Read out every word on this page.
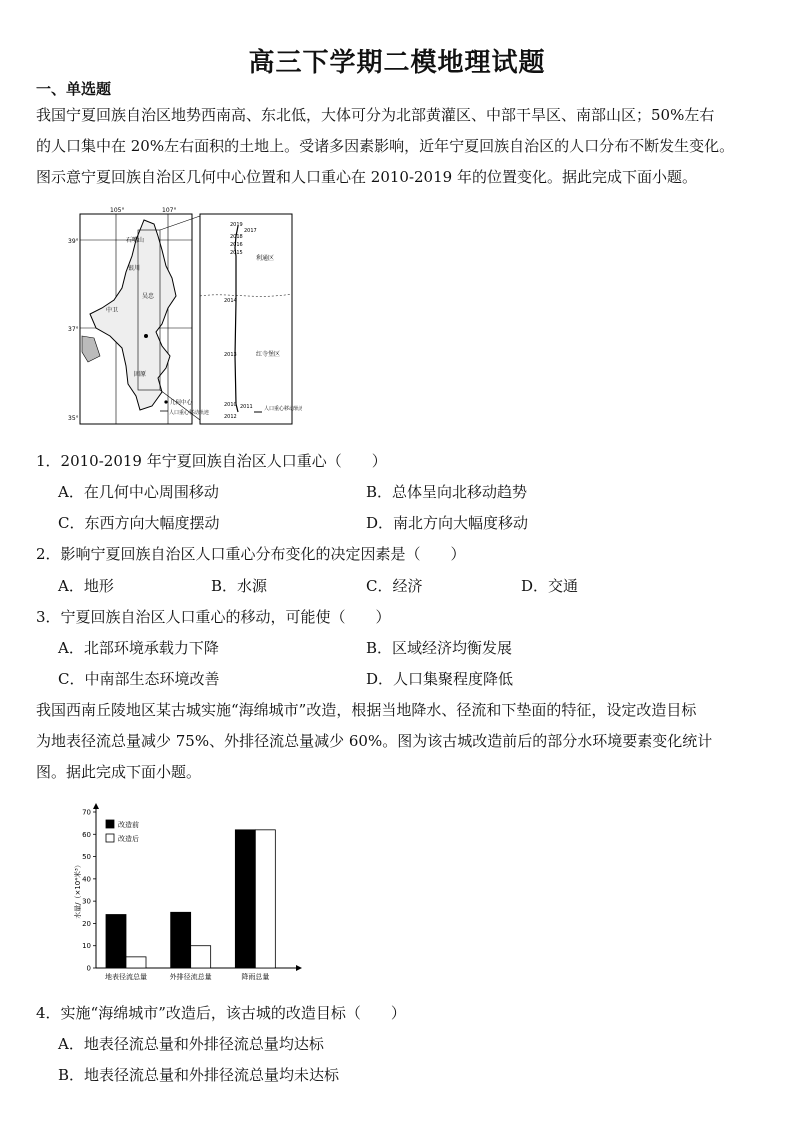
高三下学期二模地理试题
一、单选题
我国宁夏回族自治区地势西南高、东北低，大体可分为北部黄灌区、中部干旱区、南部山区；50%左右
的人口集中在 20%左右面积的土地上。受诸多因素影响，近年宁夏回族自治区的人口分布不断发生变化。
图示意宁夏回族自治区几何中心位置和人口重心在 2010-2019 年的位置变化。据此完成下面小题。
105°	107°
39°
37°
35°
石嘴山
银川
吴忠
中卫
固原
几何中心
人口重心移动轨迹
利通区
红寺堡区
2019
2017
2018
2016
2015
2014
2013
2010 2011
2012
人口重心移动轨迹
1．2010-2019 年宁夏回族自治区人口重心（　　）
A．在几何中心周围移动	B．总体呈向北移动趋势
C．东西方向大幅度摆动	D．南北方向大幅度移动
2．影响宁夏回族自治区人口重心分布变化的决定因素是（　　）
A．地形	B．水源	C．经济	D．交通
3．宁夏回族自治区人口重心的移动，可能使（　　）
A．北部环境承载力下降	B．区域经济均衡发展
C．中南部生态环境改善	D．人口集聚程度降低
我国西南丘陵地区某古城实施“海绵城市”改造，根据当地降水、径流和下垫面的特征，设定改造目标
为地表径流总量减少 75%、外排径流总量减少 60%。图为该古城改造前后的部分水环境要素变化统计
图。据此完成下面小题。
0
10
20
30
40
50
60
70
水量/（×10⁴米³）
地表径流总量	外排径流总量	降雨总量
改造前
改造后
4．实施“海绵城市”改造后，该古城的改造目标（　　）
A．地表径流总量和外排径流总量均达标
B．地表径流总量和外排径流总量均未达标
